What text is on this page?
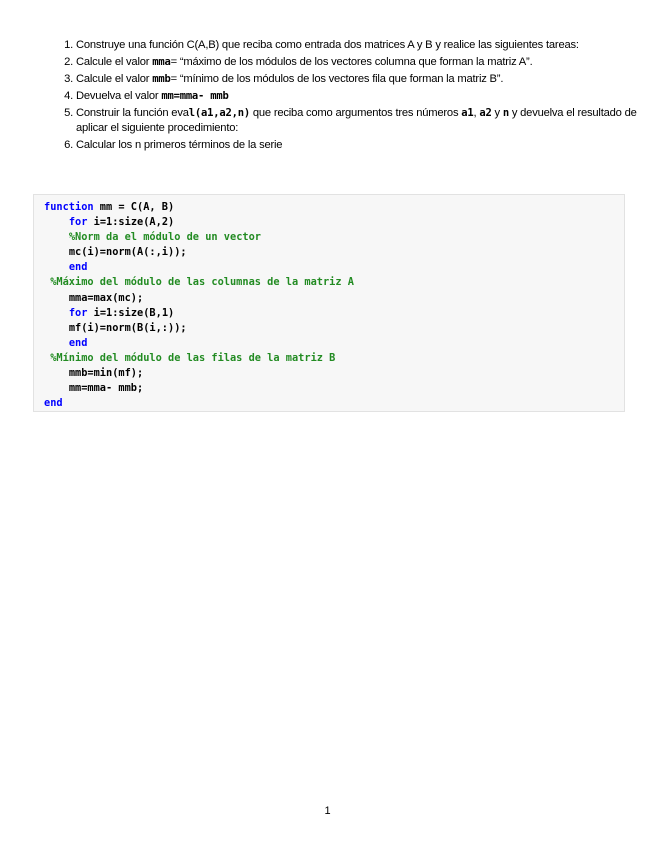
1. Construye una función C(A,B) que reciba como entrada dos matrices A y B y realice las siguientes tareas:
2. Calcule el valor mma= “máximo de los módulos de los vectores columna que forman la matriz A”.
3. Calcule el valor mmb= “mínimo de los módulos de los vectores fila que forman la matriz B”.
4. Devuelva el valor mm=mma- mmb
5. Construir la función eval(a1,a2,n) que reciba como argumentos tres números a1, a2 y n y devuelva el resultado de aplicar el siguiente procedimiento:
6. Calcular los n primeros términos de la serie
function mm = C(A, B)
for i=1:size(A,2)
%Norm da el módulo de un vector
mc(i)=norm(A(:,i));
end
%Máximo del módulo de las columnas de la matriz A
mma=max(mc);
for i=1:size(B,1)
mf(i)=norm(B(i,:));
end
%Mínimo del módulo de las filas de la matriz B
mmb=min(mf);
mm=mma- mmb;
end
1
